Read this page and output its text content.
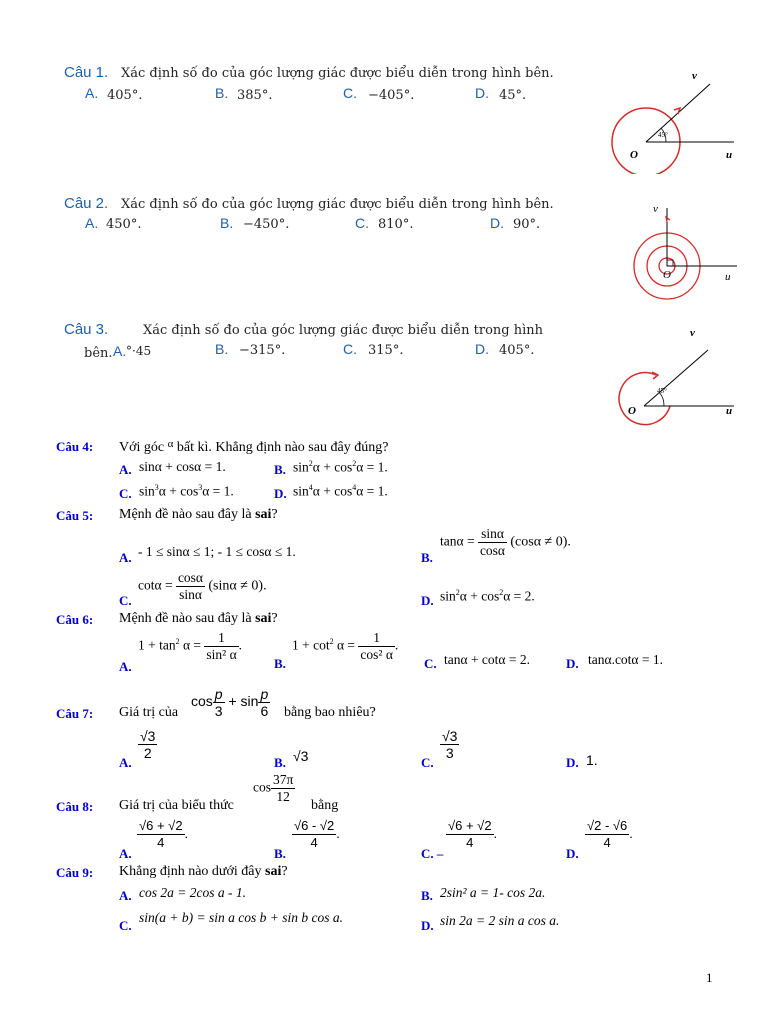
Câu 1. Xác định số đo của góc lượng giác được biểu diễn trong hình bên.
A. 405°.	B. 385°.	C. −405°.	D. 45°.
45°
v
u
O
Câu 2. Xác định số đo của góc lượng giác được biểu diễn trong hình bên.
A. 450°.	B. −450°.	C. 810°.	D. 90°.
v
u
O
Câu 3.	Xác định số đo của góc lượng giác được biểu diễn trong hình
bên. A. °·45	B. −315°.	C. 315°.	D. 405°.
45°
v
u
O
Câu 4: Với góc $^\alpha$ bất kì. Khẳng định nào sau đây đúng?
A. sinα + cosα = 1.	B. $\sin^2\alpha + \cos^2\alpha = 1$.
C. $\sin^3\alpha + \cos^3\alpha = 1$.	D. $\sin^4\alpha + \cos^4\alpha = 1$.
Câu 5: Mệnh đề nào sau đây là sai?
A. - 1 ≤ sinα ≤ 1; - 1 ≤ cosα ≤ 1.	B.
$\tan\alpha = \frac{\sin\alpha}{\cos\alpha} (\cos\alpha \ne 0)$.
C.
$\cot\alpha = \frac{\cos\alpha}{\sin\alpha} (\sin\alpha \ne 0)$.
D. $\sin^2\alpha + \cos^2\alpha = 2$.
Câu 6: Mệnh đề nào sau đây là sai?
A.
$1 + \tan^2 \alpha = \frac{1}{\text{sin² α}}$ .
B.
$1 + \cot^2 \alpha = \frac{1}{\text{cos² α}}$ .
C. tanα + cotα = 2.	D. tanα.cotα = 1.
Câu 7: Giá trị của
$\cos \frac{p}{3} + \sin \frac{p}{6}$ bằng bao nhiêu?
A.
$\frac{√3}{2}$
B. √3	C.
$\frac{√3}{3}$
D. 1.
Câu 8: Giá trị của biểu thức
$\cos \frac{37\pi}{12}$
bằng
A.
$\frac{√6 + √2}{4}$ .
B.
$\frac{√6 - √2}{4}$ .
C. –
$\frac{√6 + √2}{4}$ .
D.
$\frac{√2 - √6}{4}$ .
Câu 9: Khẳng định nào dưới đây sai?
A. cos 2a = 2cos a - 1.	B. 2sin² a = 1- cos 2a.
C.
sin(a + b) = sin a cos b + sin b cos a.
D. sin 2a = 2 sin a cos a.
1
